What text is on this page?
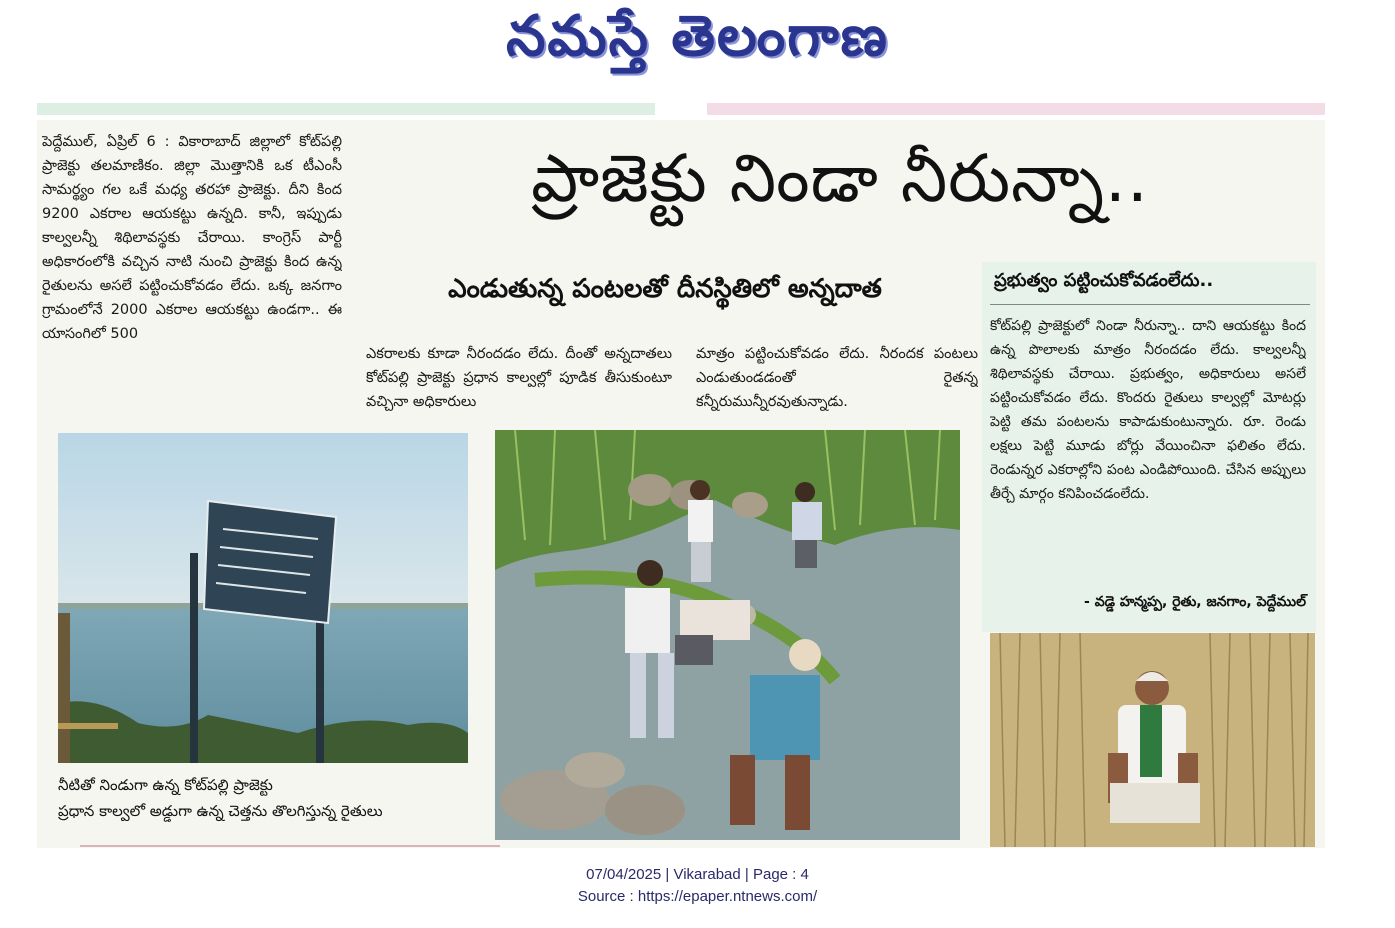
నమస్తే తెలంగాణ
పెద్దేముల్, ఏప్రిల్ 6 : వికారాబాద్ జిల్లాలో కోట్‌పల్లి ప్రాజెక్టు తలమాణికం. జిల్లా మొత్తానికి ఒక టీఎంసీ సామర్థ్యం గల ఒకే మధ్య తరహా ప్రాజెక్టు. దీని కింద 9200 ఎకరాల ఆయకట్టు ఉన్నది. కానీ, ఇప్పుడు కాల్వలన్నీ శిథిలావస్థకు చేరాయి. కాంగ్రెస్ పార్టీ అధికారంలోకి వచ్చిన నాటి నుంచి ప్రాజెక్టు కింద ఉన్న రైతులను అసలే పట్టించుకోవడం లేదు. ఒక్క జనగాం గ్రామంలోనే 2000 ఎకరాల ఆయకట్టు ఉండగా.. ఈ యాసంగిలో 500
ప్రాజెక్టు నిండా నీరున్నా..
ఎండుతున్న పంటలతో దీనస్థితిలో అన్నదాత
ఎకరాలకు కూడా నీరందడం లేదు. దీంతో అన్నదాతలు కోట్‌పల్లి ప్రాజెక్టు ప్రధాన కాల్వల్లో పూడిక తీసుకుంటూ వచ్చినా అధికారులు
మాత్రం పట్టించుకోవడం లేదు. నీరందక పంటలు ఎండుతుండడంతో రైతన్న కన్నీరుమున్నీరవుతున్నాడు.
ప్రభుత్వం పట్టించుకోవడంలేదు..
కోట్‌పల్లి ప్రాజెక్టులో నిండా నీరున్నా.. దాని ఆయకట్టు కింద ఉన్న పొలాలకు మాత్రం నీరందడం లేదు. కాల్వలన్నీ శిథిలావస్థకు చేరాయి. ప్రభుత్వం, అధికారులు అసలే పట్టించుకోవడం లేదు. కొందరు రైతులు కాల్వల్లో మోటర్లు పెట్టి తమ పంటలను కాపాడుకుంటున్నారు. రూ. రెండు లక్షలు పెట్టి మూడు బోర్లు వేయించినా ఫలితం లేదు. రెండున్నర ఎకరాల్లోని పంట ఎండిపోయింది. చేసిన అప్పులు తీర్చే మార్గం కనిపించడంలేదు.
- వడ్డె హన్మప్ప, రైతు, జనగాం, పెద్దేముల్
నీటితో నిండుగా ఉన్న కోట్‌పల్లి ప్రాజెక్టు
ప్రధాన కాల్వలో అడ్డుగా ఉన్న చెత్తను తొలగిస్తున్న రైతులు
07/04/2025 | Vikarabad | Page : 4
Source : https://epaper.ntnews.com/
